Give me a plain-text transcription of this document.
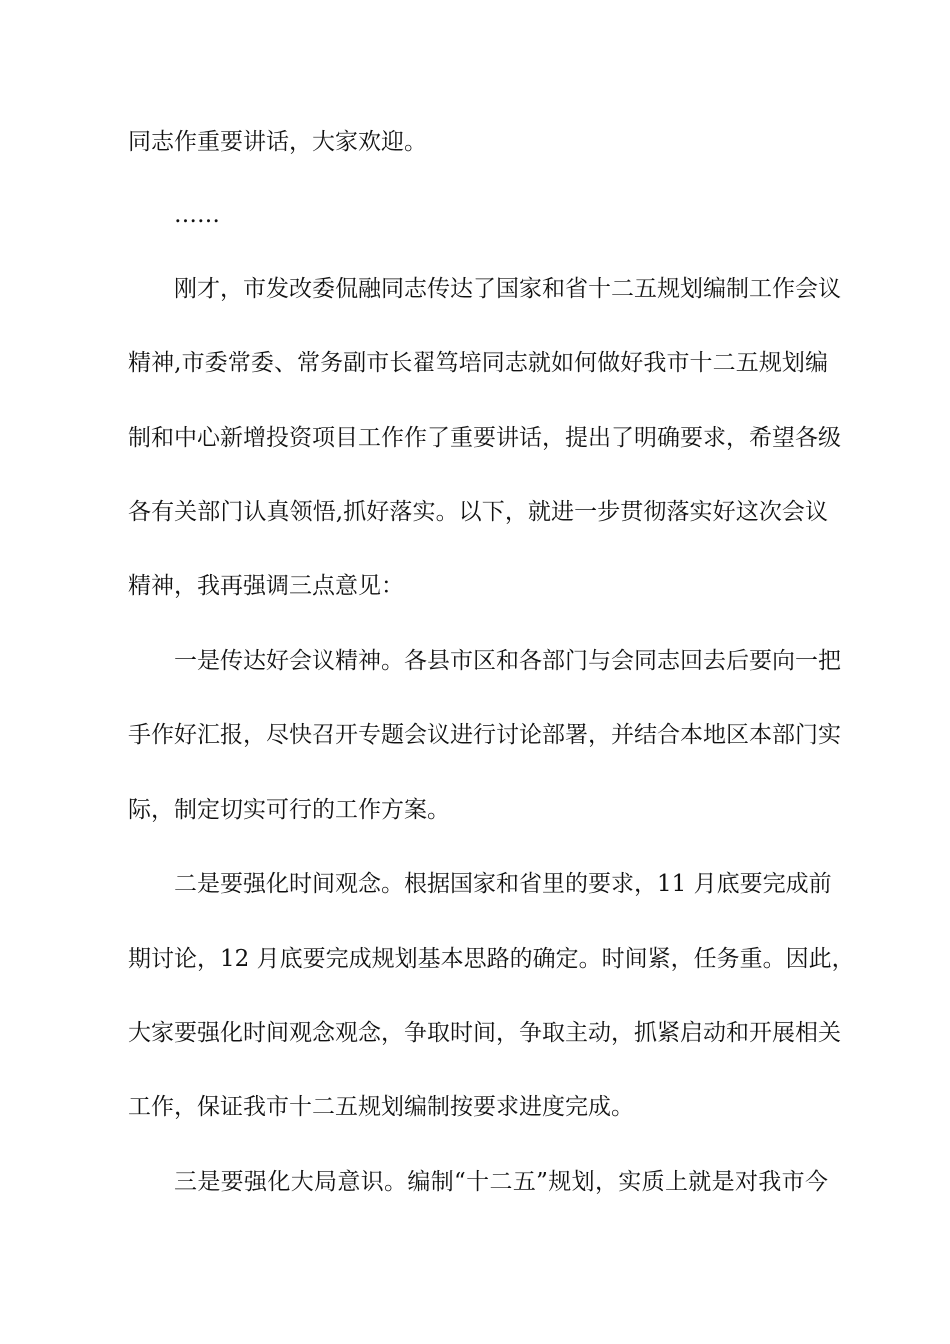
同志作重要讲话，大家欢迎。
……
刚才，市发改委侃融同志传达了国家和省十二五规划编制工作会议
精神,市委常委、常务副市长翟笃培同志就如何做好我市十二五规划编
制和中心新增投资项目工作作了重要讲话，提出了明确要求，希望各级
各有关部门认真领悟,抓好落实。以下，就进一步贯彻落实好这次会议
精神，我再强调三点意见：
一是传达好会议精神。各县市区和各部门与会同志回去后要向一把
手作好汇报，尽快召开专题会议进行讨论部署，并结合本地区本部门实
际，制定切实可行的工作方案。
二是要强化时间观念。根据国家和省里的要求，11 月底要完成前
期讨论，12 月底要完成规划基本思路的确定。时间紧，任务重。因此，
大家要强化时间观念观念，争取时间，争取主动，抓紧启动和开展相关
工作，保证我市十二五规划编制按要求进度完成。
三是要强化大局意识。编制“十二五”规划，实质上就是对我市今
